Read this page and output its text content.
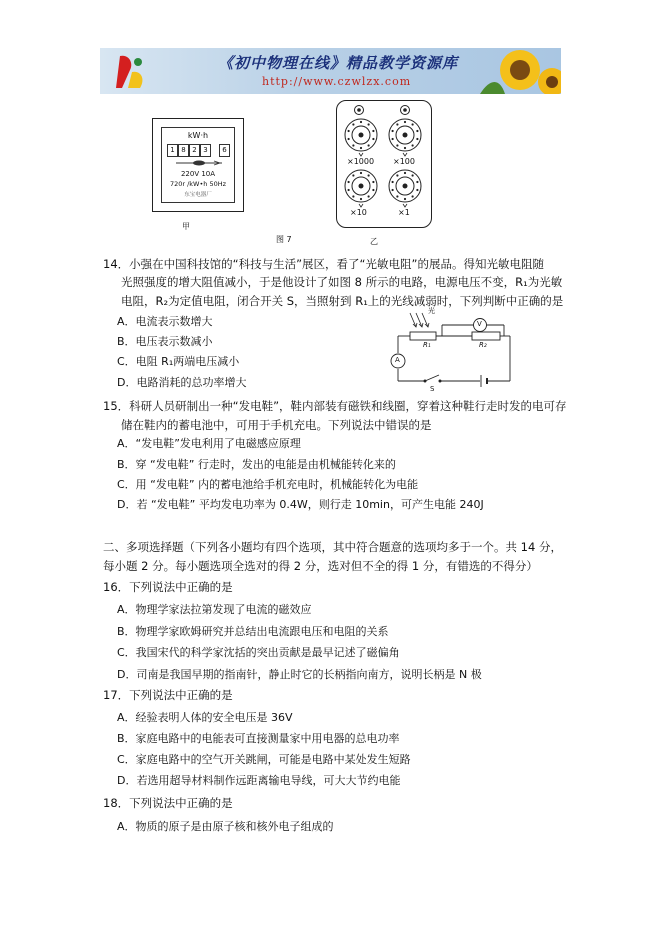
《初中物理在线》精品教学资源库
http://www.czwlzx.com
kW·h
1 8 2 3	6
220V 10A
720r /kW•h 50Hz
东宝电器厂
甲
×1000 ×100
×10	×1
乙
图 7
14．小强在中国科技馆的“科技与生活”展区，看了“光敏电阻”的展品。得知光敏电阻随
光照强度的增大阻值减小，于是他设计了如图 8 所示的电路，电源电压不变，R₁为光敏
电阻，R₂为定值电阻，闭合开关 S，当照射到 R₁上的光线减弱时，下列判断中正确的是
A．电流表示数增大
B．电压表示数减小
C．电阻 R₁两端电压减小
D．电路消耗的总功率增大
光
V
R₁	R₂
A
S
15．科研人员研制出一种“发电鞋”，鞋内部装有磁铁和线圈，穿着这种鞋行走时发的电可存
储在鞋内的蓄电池中，可用于手机充电。下列说法中错误的是
A．“发电鞋”发电利用了电磁感应原理
B．穿 “发电鞋” 行走时，发出的电能是由机械能转化来的
C．用 “发电鞋” 内的蓄电池给手机充电时，机械能转化为电能
D．若 “发电鞋” 平均发电功率为 0.4W，则行走 10min，可产生电能 240J
二、多项选择题（下列各小题均有四个选项，其中符合题意的选项均多于一个。共 14 分，
每小题 2 分。每小题选项全选对的得 2 分，选对但不全的得 1 分，有错选的不得分）
16．下列说法中正确的是
A．物理学家法拉第发现了电流的磁效应
B．物理学家欧姆研究并总结出电流跟电压和电阻的关系
C．我国宋代的科学家沈括的突出贡献是最早记述了磁偏角
D．司南是我国早期的指南针，静止时它的长柄指向南方，说明长柄是 N 极
17．下列说法中正确的是
A．经验表明人体的安全电压是 36V
B．家庭电路中的电能表可直接测量家中用电器的总电功率
C．家庭电路中的空气开关跳闸，可能是电路中某处发生短路
D．若选用超导材料制作远距离输电导线，可大大节约电能
18．下列说法中正确的是
A．物质的原子是由原子核和核外电子组成的
